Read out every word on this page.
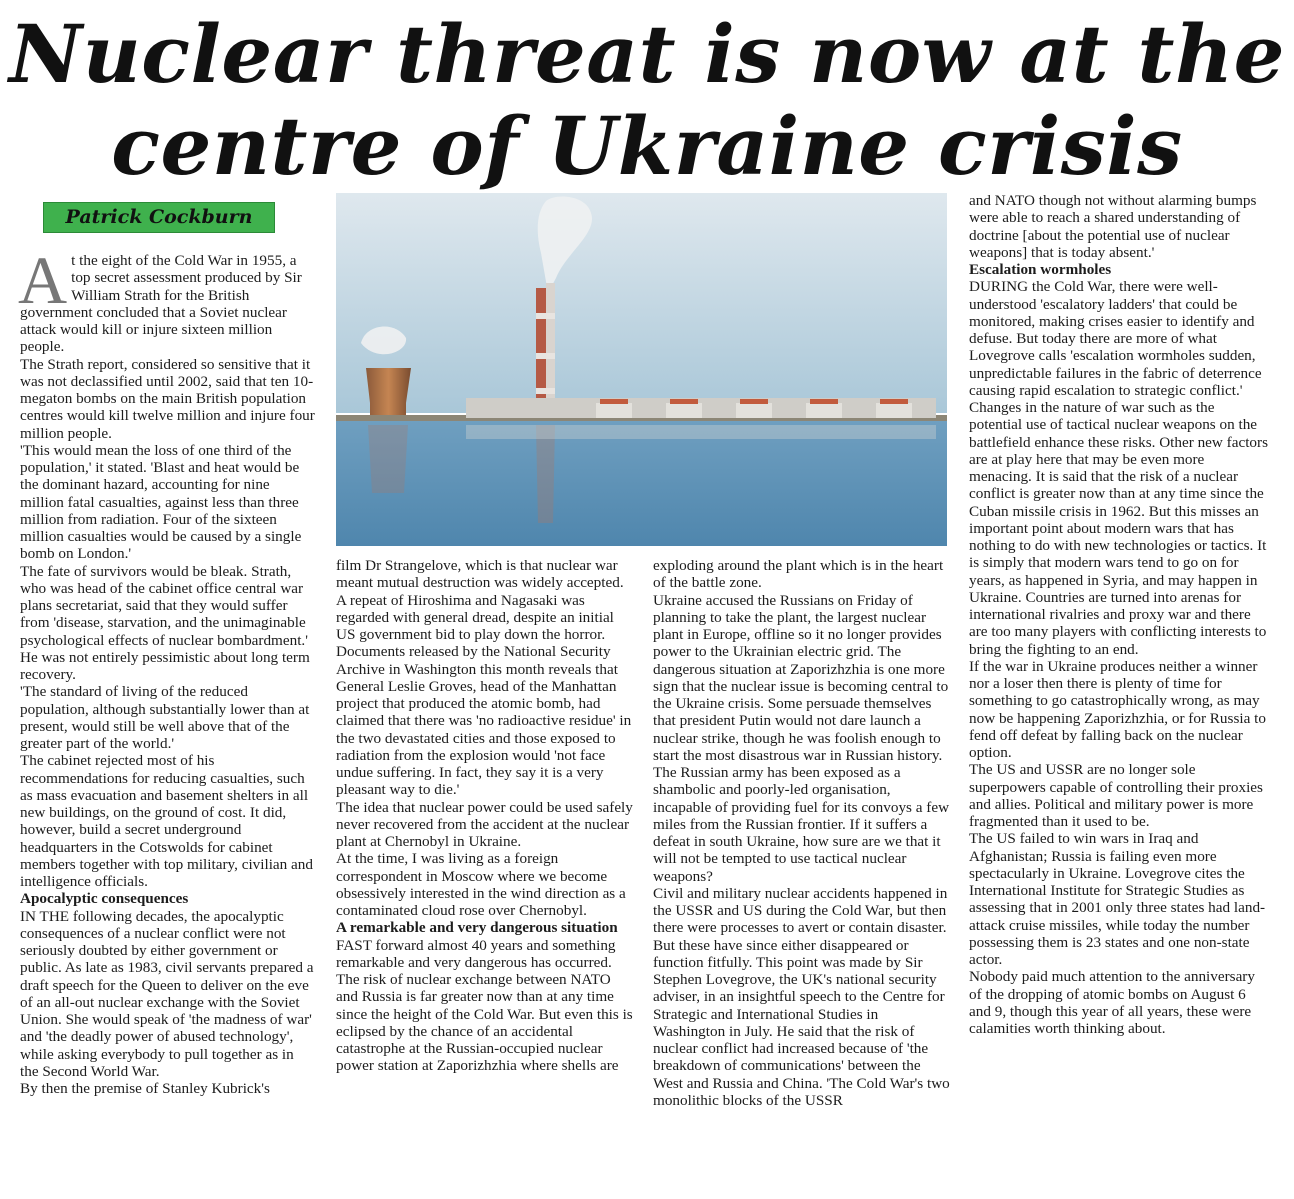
Nuclear threat is now at the
centre of Ukraine crisis
Patrick Cockburn

At the eight of the Cold War in 1955, a top secret assessment produced by Sir William Strath for the British government concluded that a Soviet nuclear attack would kill or injure sixteen million people.

The Strath report, considered so sensitive that it was not declassified until 2002, said that ten 10-megaton bombs on the main British population centres would kill twelve million and injure four million people.

'This would mean the loss of one third of the population,' it stated. 'Blast and heat would be the dominant hazard, accounting for nine million fatal casualties, against less than three million from radiation. Four of the sixteen million casualties would be caused by a single bomb on London.'

The fate of survivors would be bleak. Strath, who was head of the cabinet office central war plans secretariat, said that they would suffer from 'disease, starvation, and the unimaginable psychological effects of nuclear bombardment.'

He was not entirely pessimistic about long term recovery.

'The standard of living of the reduced population, although substantially lower than at present, would still be well above that of the greater part of the world.'

The cabinet rejected most of his recommendations for reducing casualties, such as mass evacuation and basement shelters in all new buildings, on the ground of cost. It did, however, build a secret underground headquarters in the Cotswolds for cabinet members together with top military, civilian and intelligence officials.

Apocalyptic consequences

IN THE following decades, the apocalyptic consequences of a nuclear conflict were not seriously doubted by either government or public. As late as 1983, civil servants prepared a draft speech for the Queen to deliver on the eve of an all-out nuclear exchange with the Soviet Union. She would speak of 'the madness of war' and 'the deadly power of abused technology', while asking everybody to pull together as in the Second World War.

By then the premise of Stanley Kubrick's

film Dr Strangelove, which is that nuclear war meant mutual destruction was widely accepted. A repeat of Hiroshima and Nagasaki was regarded with general dread, despite an initial US government bid to play down the horror. Documents released by the National Security Archive in Washington this month reveals that General Leslie Groves, head of the Manhattan project that produced the atomic bomb, had claimed that there was 'no radioactive residue' in the two devastated cities and those exposed to radiation from the explosion would 'not face undue suffering. In fact, they say it is a very pleasant way to die.'

The idea that nuclear power could be used safely never recovered from the accident at the nuclear plant at Chernobyl in Ukraine.

At the time, I was living as a foreign correspondent in Moscow where we become obsessively interested in the wind direction as a contaminated cloud rose over Chernobyl.

A remarkable and very dangerous situation

FAST forward almost 40 years and something remarkable and very dangerous has occurred. The risk of nuclear exchange between NATO and Russia is far greater now than at any time since the height of the Cold War. But even this is eclipsed by the chance of an accidental catastrophe at the Russian-occupied nuclear power station at Zaporizhzhia where shells are

exploding around the plant which is in the heart of the battle zone.

Ukraine accused the Russians on Friday of planning to take the plant, the largest nuclear plant in Europe, offline so it no longer provides power to the Ukrainian electric grid. The dangerous situation at Zaporizhzhia is one more sign that the nuclear issue is becoming central to the Ukraine crisis. Some persuade themselves that president Putin would not dare launch a nuclear strike, though he was foolish enough to start the most disastrous war in Russian history. The Russian army has been exposed as a shambolic and poorly-led organisation, incapable of providing fuel for its convoys a few miles from the Russian frontier. If it suffers a defeat in south Ukraine, how sure are we that it will not be tempted to use tactical nuclear weapons?

Civil and military nuclear accidents happened in the USSR and US during the Cold War, but then there were processes to avert or contain disaster. But these have since either disappeared or function fitfully. This point was made by Sir Stephen Lovegrove, the UK's national security adviser, in an insightful speech to the Centre for Strategic and International Studies in Washington in July. He said that the risk of nuclear conflict had increased because of 'the breakdown of communications' between the West and Russia and China. 'The Cold War's two monolithic blocks of the USSR

and NATO though not without alarming bumps were able to reach a shared understanding of doctrine [about the potential use of nuclear weapons] that is today absent.'

Escalation wormholes

DURING the Cold War, there were well-understood 'escalatory ladders' that could be monitored, making crises easier to identify and defuse. But today there are more of what Lovegrove calls 'escalation wormholes sudden, unpredictable failures in the fabric of deterrence causing rapid escalation to strategic conflict.' Changes in the nature of war such as the potential use of tactical nuclear weapons on the battlefield enhance these risks. Other new factors are at play here that may be even more menacing. It is said that the risk of a nuclear conflict is greater now than at any time since the Cuban missile crisis in 1962. But this misses an important point about modern wars that has nothing to do with new technologies or tactics. It is simply that modern wars tend to go on for years, as happened in Syria, and may happen in Ukraine. Countries are turned into arenas for international rivalries and proxy war and there are too many players with conflicting interests to bring the fighting to an end.

If the war in Ukraine produces neither a winner nor a loser then there is plenty of time for something to go catastrophically wrong, as may now be happening Zaporizhzhia, or for Russia to fend off defeat by falling back on the nuclear option.

The US and USSR are no longer sole superpowers capable of controlling their proxies and allies. Political and military power is more fragmented than it used to be.

The US failed to win wars in Iraq and Afghanistan; Russia is failing even more spectacularly in Ukraine. Lovegrove cites the International Institute for Strategic Studies as assessing that in 2001 only three states had land-attack cruise missiles, while today the number possessing them is 23 states and one non-state actor.

Nobody paid much attention to the anniversary of the dropping of atomic bombs on August 6 and 9, though this year of all years, these were calamities worth thinking about.
